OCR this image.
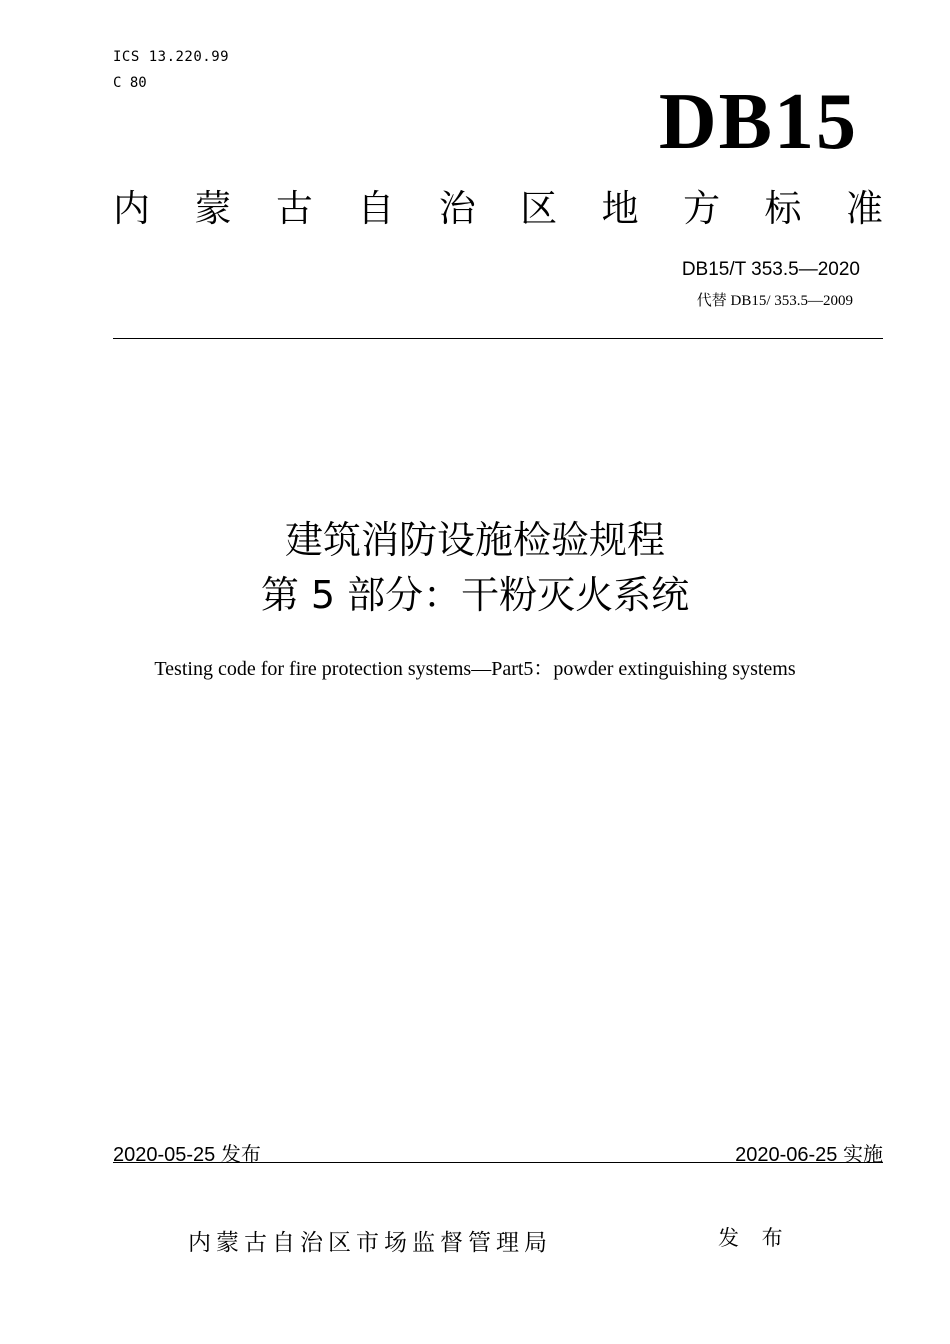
ICS 13.220.99
C 80	DB15
内 蒙 古 自 治 区 地 方 标 准
DB15/T 353.5—2020
代替 DB15/ 353.5—2009
建筑消防设施检验规程
第 5 部分：干粉灭火系统
Testing code for fire protection systems—Part5：powder extinguishing systems
2020-05-25 发布	2020-06-25 实施
内蒙古自治区市场监督管理局	发 布
